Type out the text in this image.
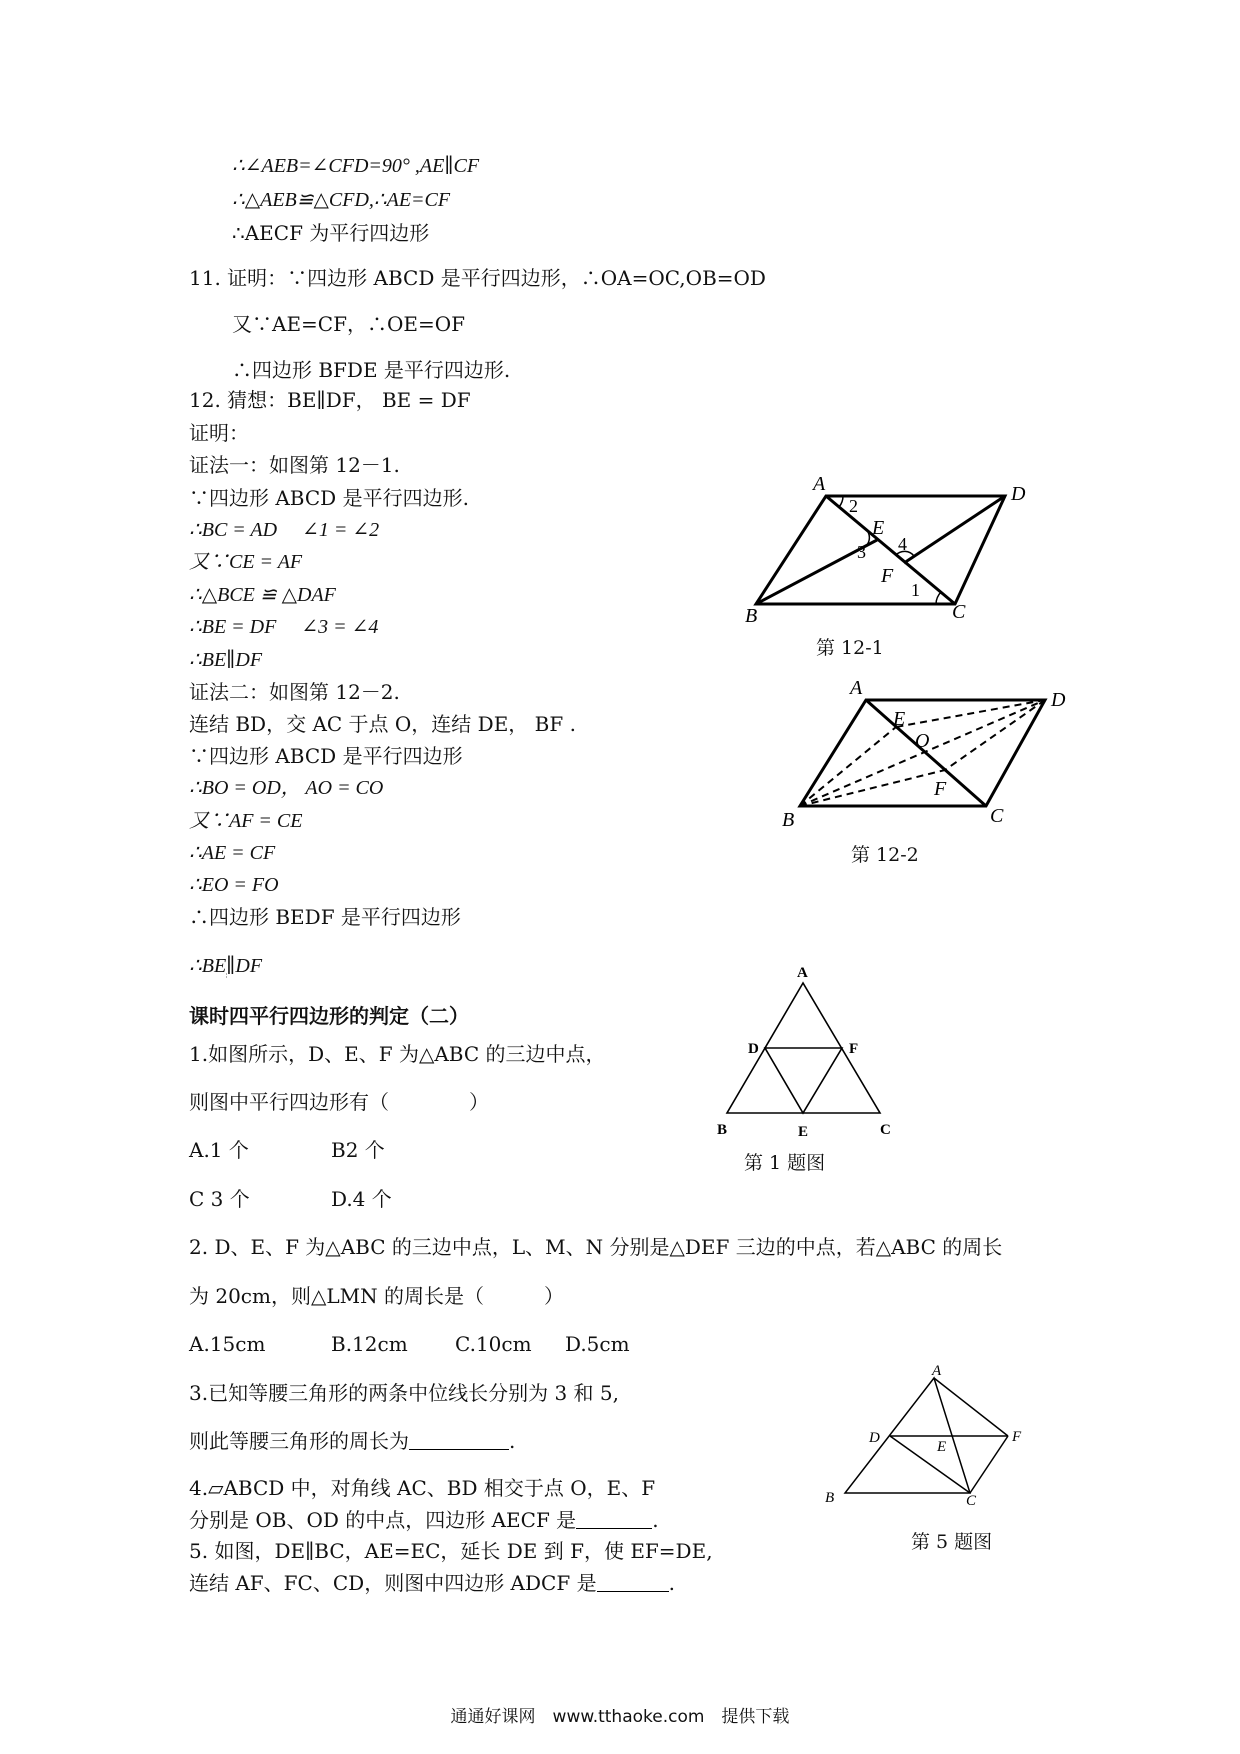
∴∠AEB=∠CFD=90° ,AE∥CF
∴△AEB≌△CFD,∴AE=CF
∴AECF 为平行四边形
11. 证明：∵四边形 ABCD 是平行四边形，∴OA=OC,OB=OD
又∵AE=CF，∴OE=OF
∴四边形 BFDE 是平行四边形.
12. 猜想：BE∥DF， BE = DF
证明：
证法一：如图第 12－1.
∵四边形 ABCD 是平行四边形.
∴BC = AD　 ∠1 = ∠2
又∵CE = AF
∴△BCE ≌ △DAF
∴BE = DF　 ∠3 = ∠4
∴BE∥DF
证法二：如图第 12－2.
连结 BD，交 AC 于点 O，连结 DE， BF .
∵四边形 ABCD 是平行四边形
∴BO = OD， AO = CO
又∵AF = CE
∴AE = CF
∴EO = FO
∴四边形 BEDF 是平行四边形
∴BE∥DF
A	D
E
F
B	C
2
3 4
1
第 12-1
A
D
E
O
F
B	C
第 12-2
课时四平行四边形的判定（二）
1.如图所示，D、E、F 为△ABC 的三边中点，
则图中平行四边形有（　　　　）
A.1 个	B2 个
C 3 个	D.4 个
2. D、E、F 为△ABC 的三边中点，L、M、N 分别是△DEF 三边的中点，若△ABC 的周长
为 20cm，则△LMN 的周长是（　　　）
A.15cm	B.12cm C.10cm D.5cm
3.已知等腰三角形的两条中位线长分别为 3 和 5,
则此等腰三角形的周长为	.
4.▱ABCD 中，对角线 AC、BD 相交于点 O，E、F
分别是 OB、OD 的中点，四边形 AECF 是	.
5. 如图，DE∥BC，AE=EC，延长 DE 到 F，使 EF=DE,
连结 AF、FC、CD，则图中四边形 ADCF 是	.
A
D	F
B	E	C
第 1 题图
A
D
E
F
B	C
第 5 题图
通通好课网　www.tthaoke.com　提供下载
